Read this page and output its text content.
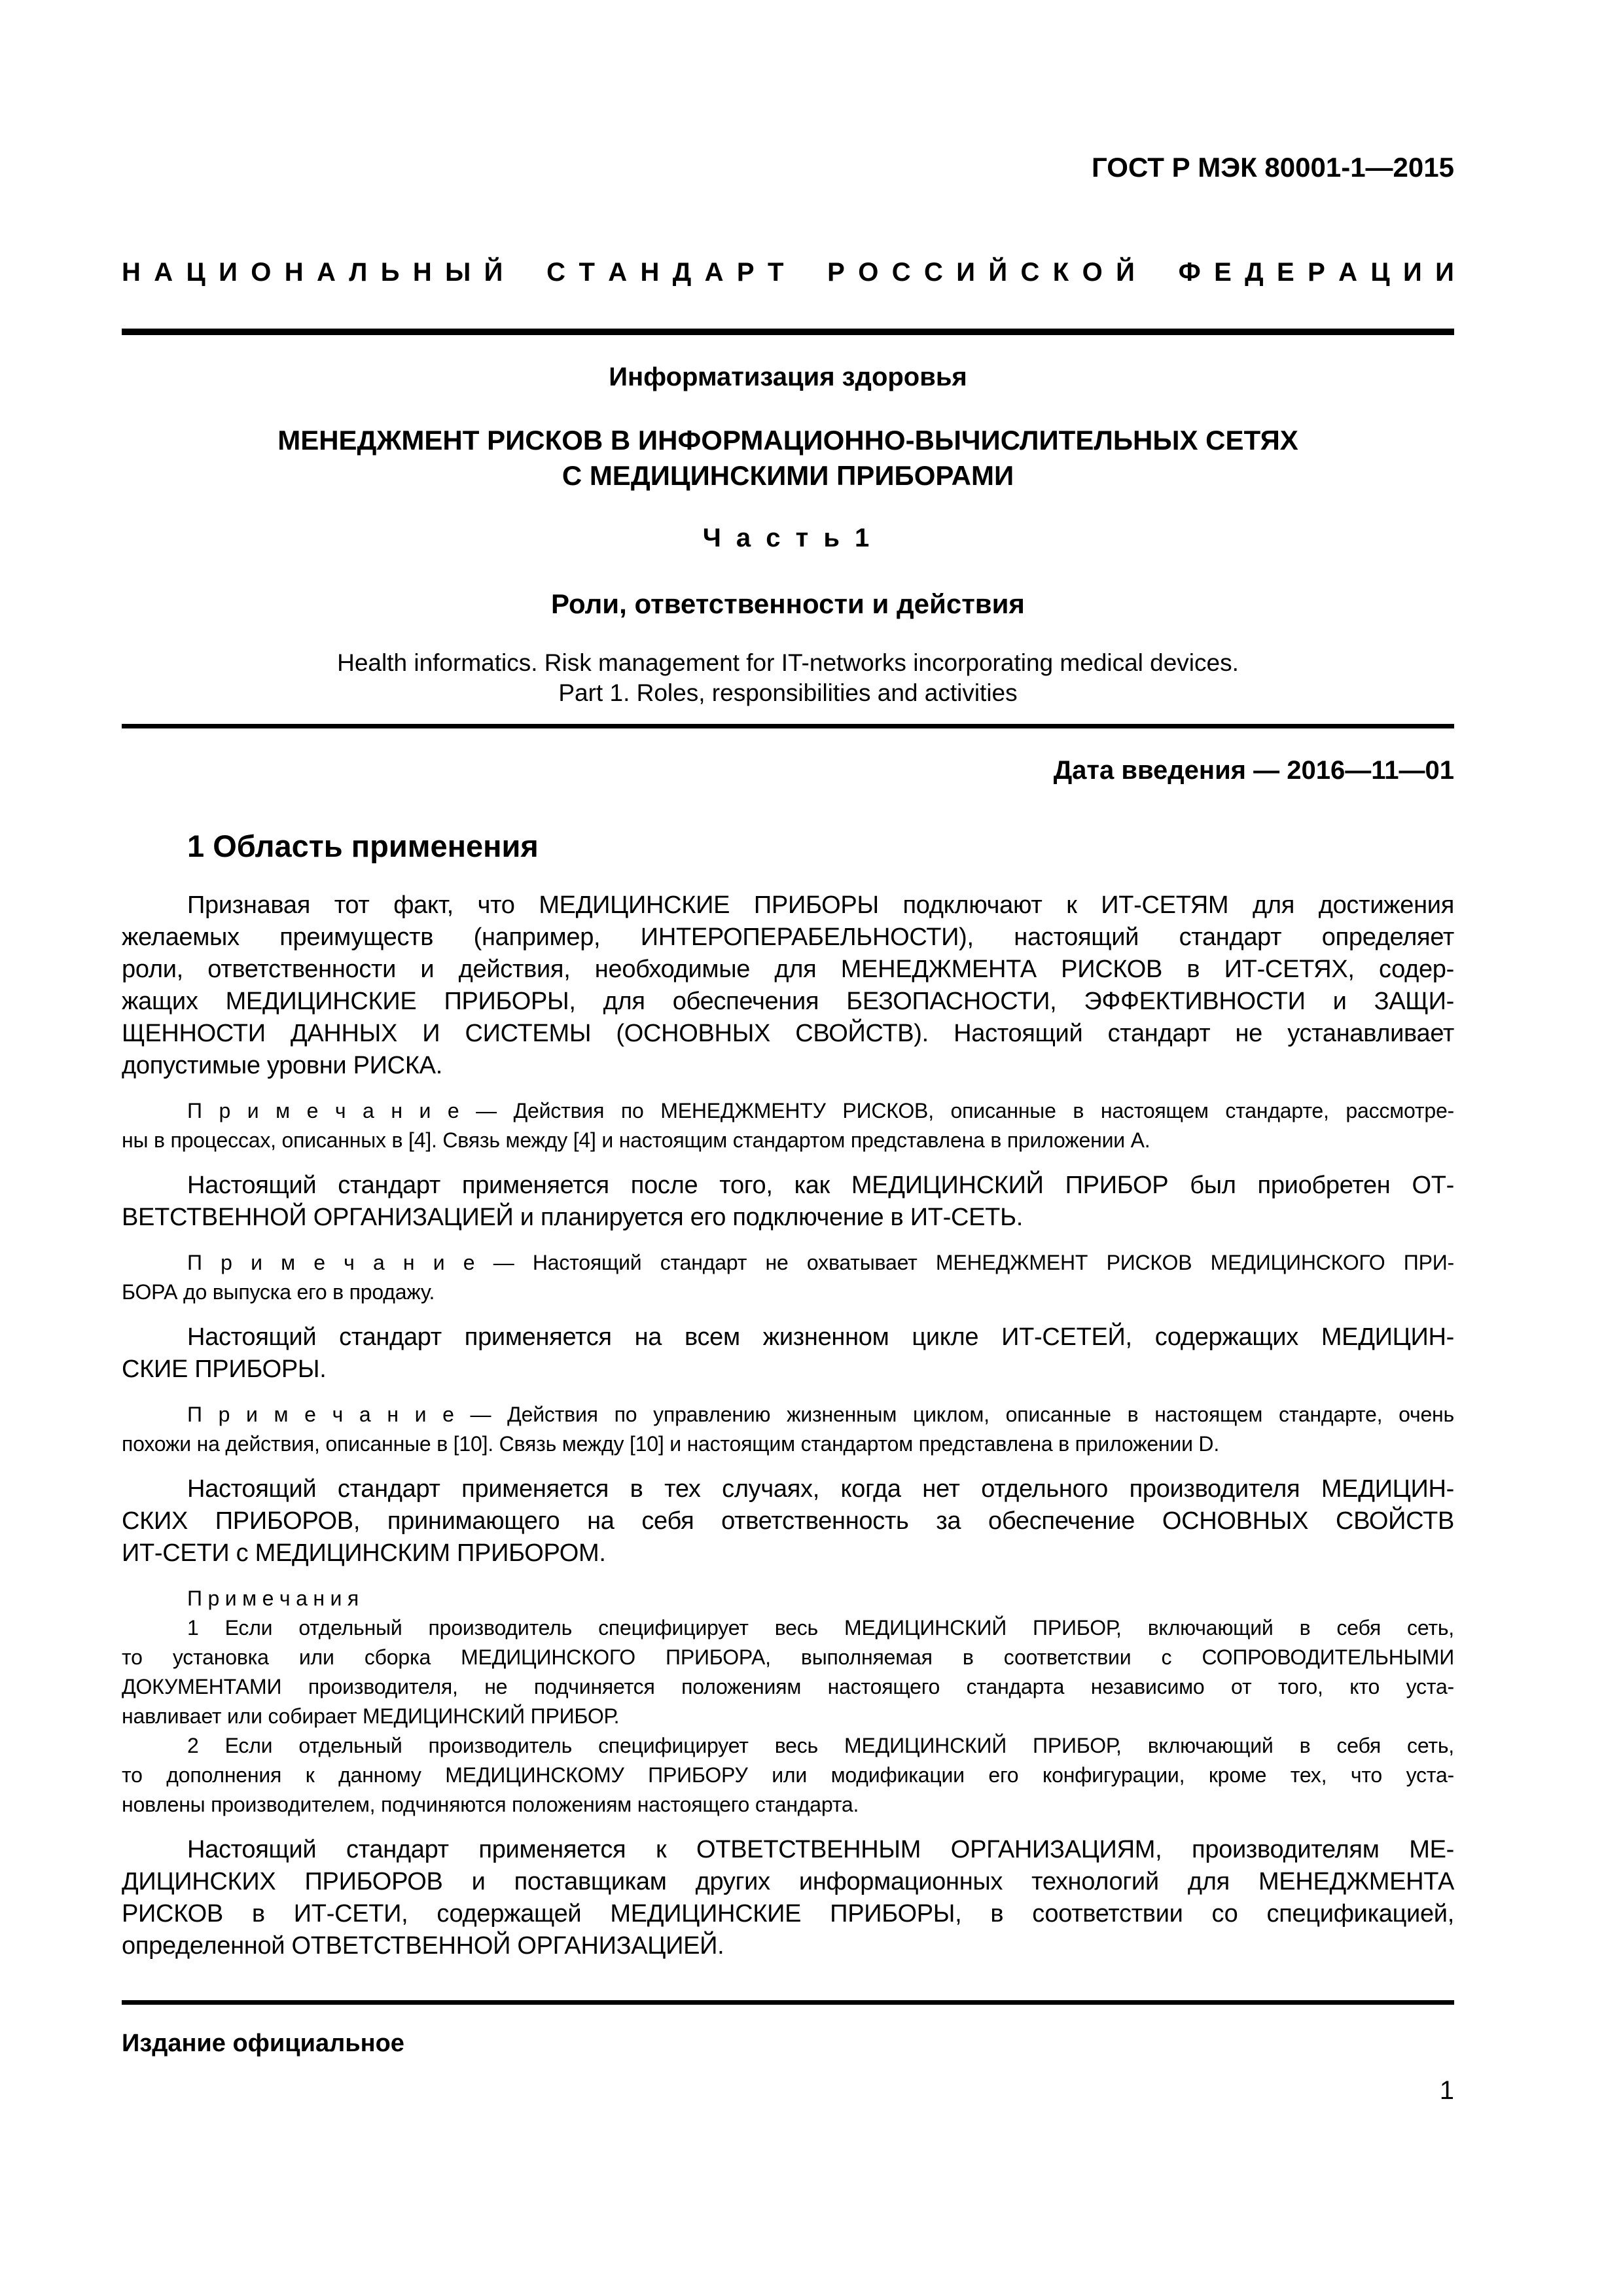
ГОСТ Р МЭК 80001-1—2015
Н А Ц И О Н А Л Ь Н Ы Й
С Т А Н Д А Р Т
Р О С С И Й С К О Й
Ф Е Д Е Р А Ц И И
Информатизация здоровья
МЕНЕДЖМЕНТ РИСКОВ В ИНФОРМАЦИОННО-ВЫЧИСЛИТЕЛЬНЫХ СЕТЯХ
С МЕДИЦИНСКИМИ ПРИБОРАМИ
Ч а с т ь 1
Роли, ответственности и действия
Health informatics. Risk management for IT-networks incorporating medical devices.
Part 1. Roles, responsibilities and activities
Дата введения — 2016—11—01
1 Область применения
Признавая тот факт, что МЕДИЦИНСКИЕ ПРИБОРЫ подключают к ИТ-СЕТЯМ для достижения
желаемых преимуществ (например, ИНТЕРОПЕРАБЕЛЬНОСТИ), настоящий стандарт определяет
роли, ответственности и действия, необходимые для МЕНЕДЖМЕНТА РИСКОВ в ИТ-СЕТЯХ, содер-
жащих МЕДИЦИНСКИЕ ПРИБОРЫ, для обеспечения БЕЗОПАСНОСТИ, ЭФФЕКТИВНОСТИ и ЗАЩИ-
ЩЕННОСТИ ДАННЫХ И СИСТЕМЫ (ОСНОВНЫХ СВОЙСТВ). Настоящий стандарт не устанавливает
допустимые уровни РИСКА.
П р и м е ч а н и е — Действия по МЕНЕДЖМЕНТУ РИСКОВ, описанные в настоящем стандарте, рассмотре-
ны в процессах, описанных в [4]. Связь между [4] и настоящим стандартом представлена в приложении А.
Настоящий стандарт применяется после того, как МЕДИЦИНСКИЙ ПРИБОР был приобретен ОТ-
ВЕТСТВЕННОЙ ОРГАНИЗАЦИЕЙ и планируется его подключение в ИТ-СЕТЬ.
П р и м е ч а н и е — Настоящий стандарт не охватывает МЕНЕДЖМЕНТ РИСКОВ МЕДИЦИНСКОГО ПРИ-
БОРА до выпуска его в продажу.
Настоящий стандарт применяется на всем жизненном цикле ИТ-СЕТЕЙ, содержащих МЕДИЦИН-
СКИЕ ПРИБОРЫ.
П р и м е ч а н и е — Действия по управлению жизненным циклом, описанные в настоящем стандарте, очень
похожи на действия, описанные в [10]. Связь между [10] и настоящим стандартом представлена в приложении D.
Настоящий стандарт применяется в тех случаях, когда нет отдельного производителя МЕДИЦИН-
СКИХ ПРИБОРОВ, принимающего на себя ответственность за обеспечение ОСНОВНЫХ СВОЙСТВ
ИТ-СЕТИ с МЕДИЦИНСКИМ ПРИБОРОМ.
П р и м е ч а н и я
1 Если отдельный производитель специфицирует весь МЕДИЦИНСКИЙ ПРИБОР, включающий в себя сеть,
то установка или сборка МЕДИЦИНСКОГО ПРИБОРА, выполняемая в соответствии с СОПРОВОДИТЕЛЬНЫМИ
ДОКУМЕНТАМИ производителя, не подчиняется положениям настоящего стандарта независимо от того, кто уста-
навливает или собирает МЕДИЦИНСКИЙ ПРИБОР.
2 Если отдельный производитель специфицирует весь МЕДИЦИНСКИЙ ПРИБОР, включающий в себя сеть,
то дополнения к данному МЕДИЦИНСКОМУ ПРИБОРУ или модификации его конфигурации, кроме тех, что уста-
новлены производителем, подчиняются положениям настоящего стандарта.
Настоящий стандарт применяется к ОТВЕТСТВЕННЫМ ОРГАНИЗАЦИЯМ, производителям МЕ-
ДИЦИНСКИХ ПРИБОРОВ и поставщикам других информационных технологий для МЕНЕДЖМЕНТА
РИСКОВ в ИТ-СЕТИ, содержащей МЕДИЦИНСКИЕ ПРИБОРЫ, в соответствии со спецификацией,
определенной ОТВЕТСТВЕННОЙ ОРГАНИЗАЦИЕЙ.
Издание официальное
1
